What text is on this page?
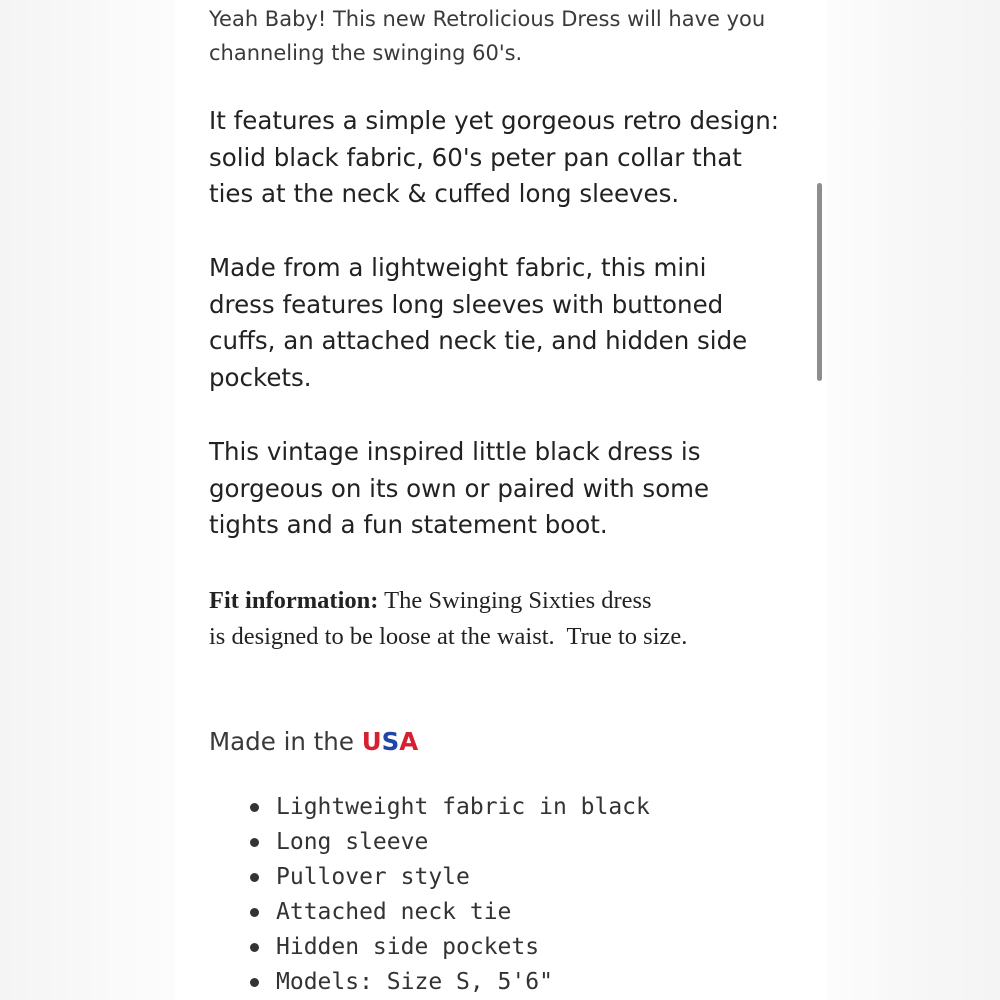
Yeah Baby! This new Retrolicious Dress will have you
channeling the swinging 60's.

It features a simple yet gorgeous retro design:
solid black fabric, 60's peter pan collar that
ties at the neck & cuffed long sleeves.

Made from a lightweight fabric, this mini
dress features long sleeves with buttoned
cuffs, an attached neck tie, and hidden side
pockets.

This vintage inspired little black dress is
gorgeous on its own or paired with some
tights and a fun statement boot.

Fit information: The Swinging Sixties dress
is designed to be loose at the waist.  True to size.

Made in the USA

Lightweight fabric in black
Long sleeve
Pullover style
Attached neck tie
Hidden side pockets
Models: Size S, 5'6"
